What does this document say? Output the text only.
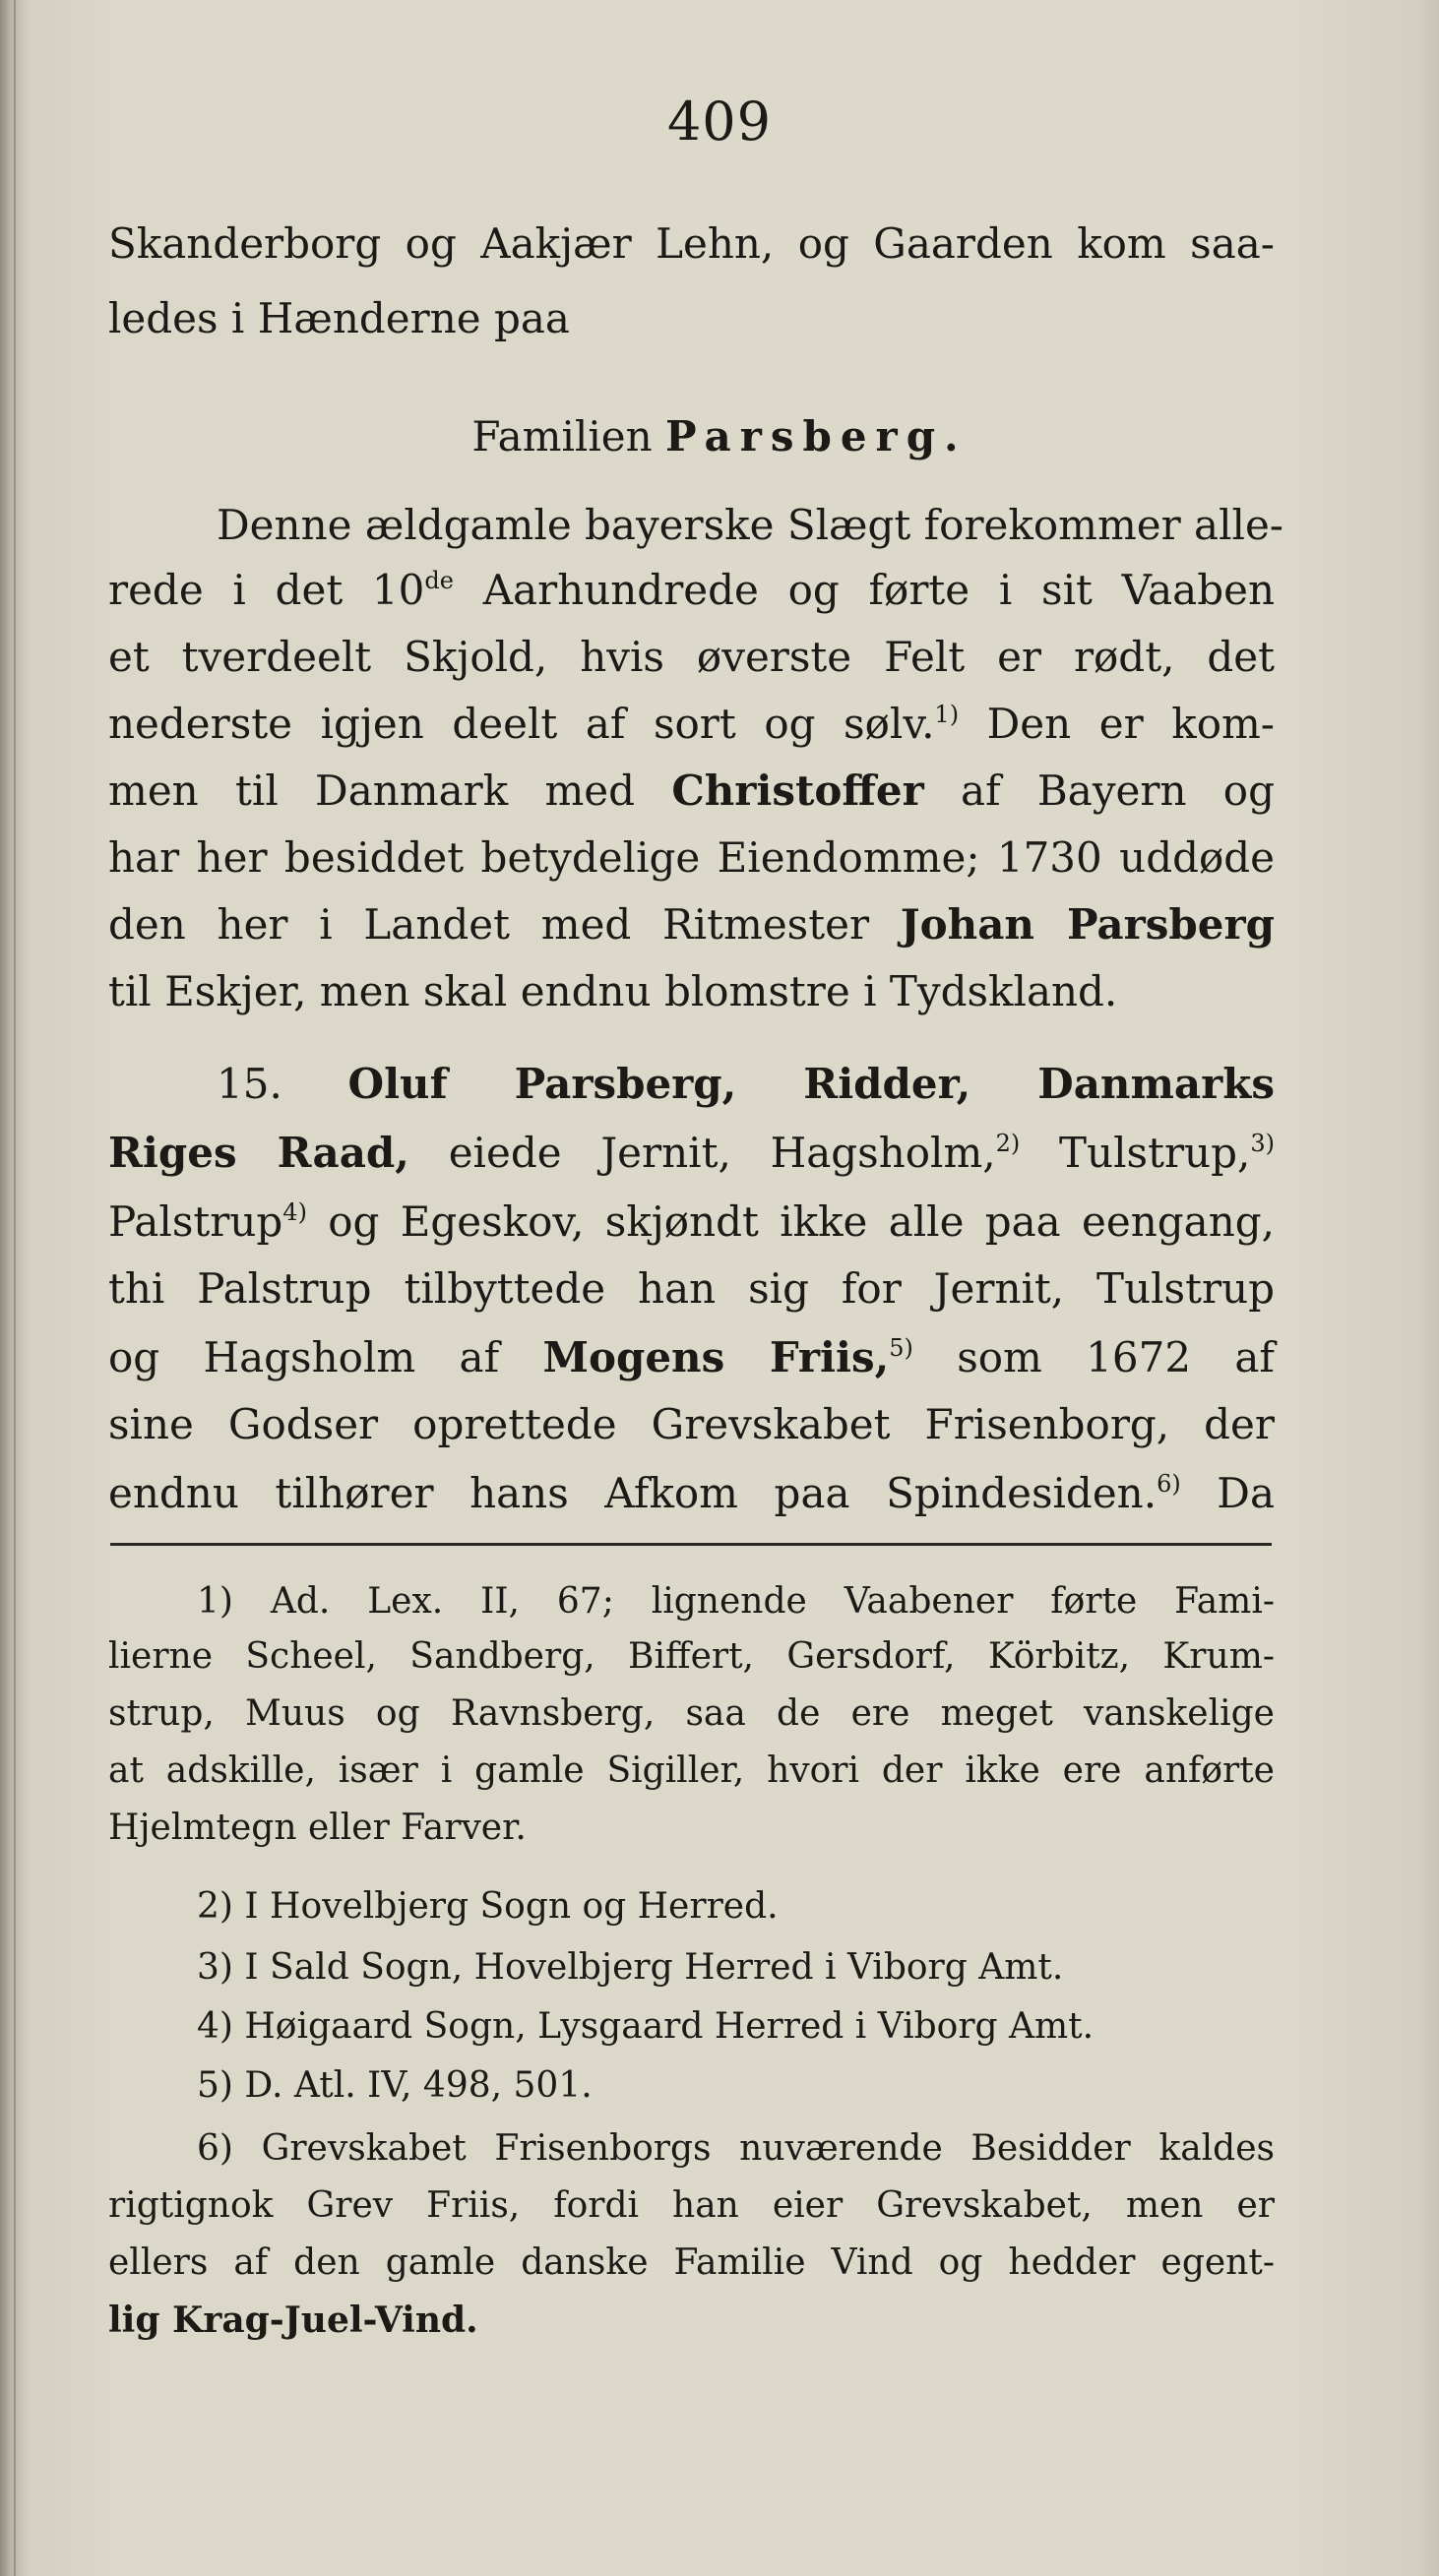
409
Skanderborg og Aakjær Lehn, og Gaarden kom saa-
ledes i Hænderne paa
Familien Parsberg.
Denne ældgamle bayerske Slægt forekommer alle-
rede i det 10de Aarhundrede og førte i sit Vaaben
et tverdeelt Skjold, hvis øverste Felt er rødt, det
nederste igjen deelt af sort og sølv.$^{1)}$ Den er kom-
men til Danmark med Christoffer af Bayern og
har her besiddet betydelige Eiendomme; 1730 uddøde
den her i Landet med Ritmester Johan Parsberg
til Eskjer, men skal endnu blomstre i Tydskland.
15. Oluf Parsberg, Ridder, Danmarks
Riges Raad, eiede Jernit, Hagsholm,$^{2)}$ Tulstrup,$^{3)}$
Palstrup$^{4)}$ og Egeskov, skjøndt ikke alle paa eengang,
thi Palstrup tilbyttede han sig for Jernit, Tulstrup
og Hagsholm af Mogens Friis,$^{5)}$ som 1672 af
sine Godser oprettede Grevskabet Frisenborg, der
endnu tilhører hans Afkom paa Spindesiden.$^{6)}$ Da
1) Ad. Lex. II, 67; lignende Vaabener førte Fami-
lierne Scheel, Sandberg, Biffert, Gersdorf, Körbitz, Krum-
strup, Muus og Ravnsberg, saa de ere meget vanskelige
at adskille, især i gamle Sigiller, hvori der ikke ere anførte
Hjelmtegn eller Farver.
2) I Hovelbjerg Sogn og Herred.
3) I Sald Sogn, Hovelbjerg Herred i Viborg Amt.
4) Høigaard Sogn, Lysgaard Herred i Viborg Amt.
5) D. Atl. IV, 498, 501.
6) Grevskabet Frisenborgs nuværende Besidder kaldes
rigtignok Grev Friis, fordi han eier Grevskabet, men er
ellers af den gamle danske Familie Vind og hedder egent-
lig Krag-Juel-Vind.
